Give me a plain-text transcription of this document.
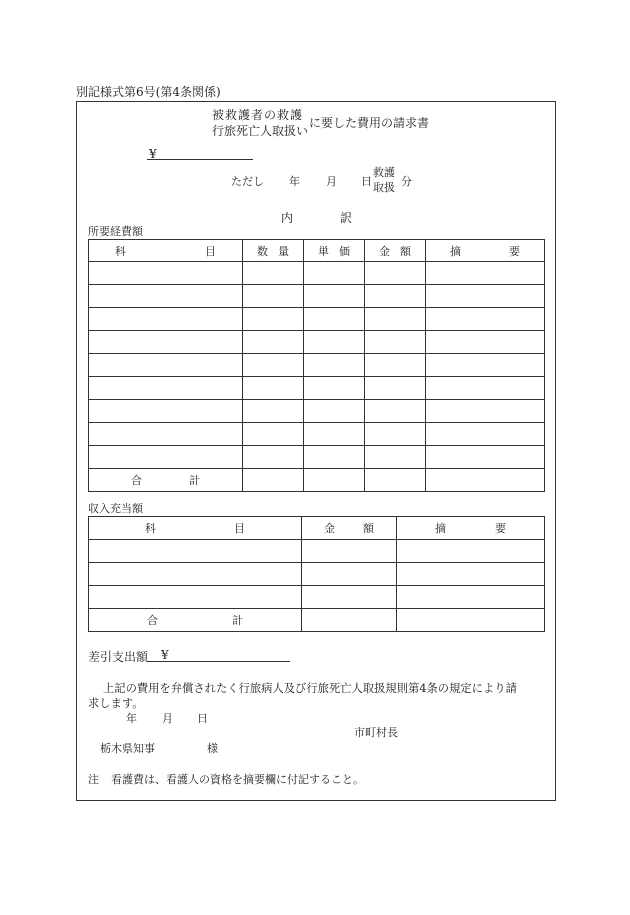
別記様式第6号(第4条関係)
被救護者の救護
行旅死亡人取扱い
に要した費用の請求書
¥
ただし 年 月 日
救護
取扱 分
内	訳
所要経費額
科 目	数 量	単 価	金 額	摘 要

合 計				

収入充当額
科 目	金 額	摘 要

合 計		

差引支出額 ¥
上記の費用を弁償されたく行旅病人及び行旅死亡人取扱規則第4条の規定により請
求します。
年 月 日
市町村長
栃木県知事	様
注 看護費は、看護人の資格を摘要欄に付記すること。
